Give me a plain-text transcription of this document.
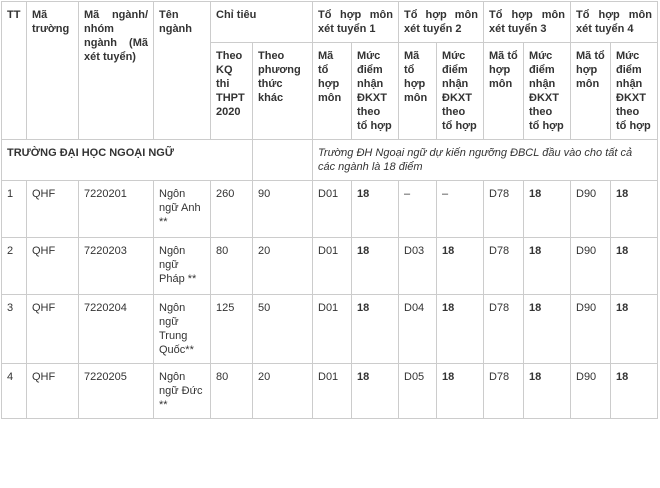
TT	Mã trường	Mã ngành/ nhóm ngành (Mã xét tuyển)	Tên ngành	Chỉ tiêu		Tổ hợp môn xét tuyển 1		Tổ hợp môn xét tuyển 2		Tổ hợp môn xét tuyển 3		Tổ hợp môn xét tuyển 4	
				Theo KQ thi THPT 2020	Theo phương thức khác	Mã tổ hợp môn	Mức điểm nhận ĐKXT theo tổ hợp	Mã tổ hợp môn	Mức điểm nhận ĐKXT theo tổ hợp	Mã tổ hợp môn	Mức điểm nhận ĐKXT theo tổ hợp	Mã tổ hợp môn	Mức điểm nhận ĐKXT theo tổ hợp
TRƯỜNG ĐẠI HỌC NGOẠI NGỮ						Trường ĐH Ngoại ngữ dự kiến ngưỡng ĐBCL đầu vào cho tất cả các ngành là 18 điểm							
1	QHF	7220201	Ngôn
ngữ Anh
**	260	90	D01	18	–	–	D78	18	D90	18
2	QHF	7220203	Ngôn
ngữ
Pháp **	80	20	D01	18	D03	18	D78	18	D90	18
3	QHF	7220204	Ngôn
ngữ
Trung
Quốc**	125	50	D01	18	D04	18	D78	18	D90	18
4	QHF	7220205	Ngôn
ngữ Đức
**	80	20	D01	18	D05	18	D78	18	D90	18
